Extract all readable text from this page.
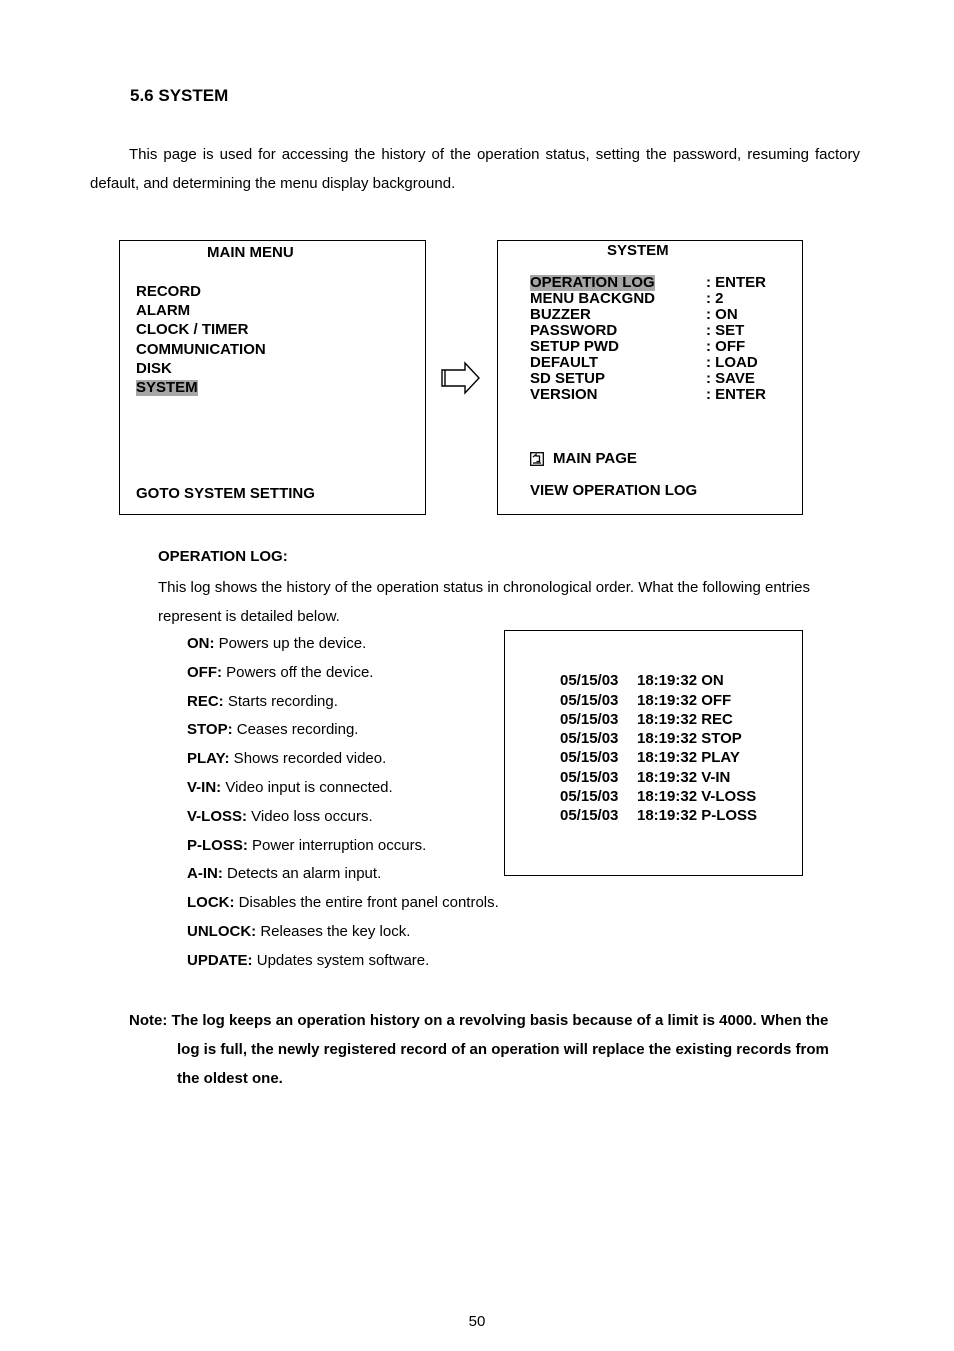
5.6 SYSTEM
This page is used for accessing the history of the operation status, setting the password, resuming factory default, and determining the menu display background.
MAIN MENU
RECORD
ALARM
CLOCK / TIMER
COMMUNICATION
DISK
SYSTEM
GOTO SYSTEM SETTING
SYSTEM
OPERATION LOG	: ENTER
MENU BACKGND	: 2
BUZZER	: ON
PASSWORD	: SET
SETUP PWD	: OFF
DEFAULT	: LOAD
SD SETUP	: SAVE
VERSION	: ENTER
MAIN PAGE
VIEW OPERATION LOG
OPERATION LOG:
This log shows the history of the operation status in chronological order. What the following entries represent is detailed below.
ON: Powers up the device.
OFF: Powers off the device.
REC: Starts recording.
STOP: Ceases recording.
PLAY: Shows recorded video.
V-IN: Video input is connected.
V-LOSS: Video loss occurs.
P-LOSS: Power interruption occurs.
A-IN: Detects an alarm input.
LOCK: Disables the entire front panel controls.
UNLOCK: Releases the key lock.
UPDATE: Updates system software.
05/15/03 18:19:32 ON
05/15/03 18:19:32 OFF
05/15/03 18:19:32 REC
05/15/03 18:19:32 STOP
05/15/03 18:19:32 PLAY
05/15/03 18:19:32 V-IN
05/15/03 18:19:32 V-LOSS
05/15/03 18:19:32 P-LOSS
Note: The log keeps an operation history on a revolving basis because of a limit is 4000. When the
log is full, the newly registered record of an operation will replace the existing records from
the oldest one.
50
